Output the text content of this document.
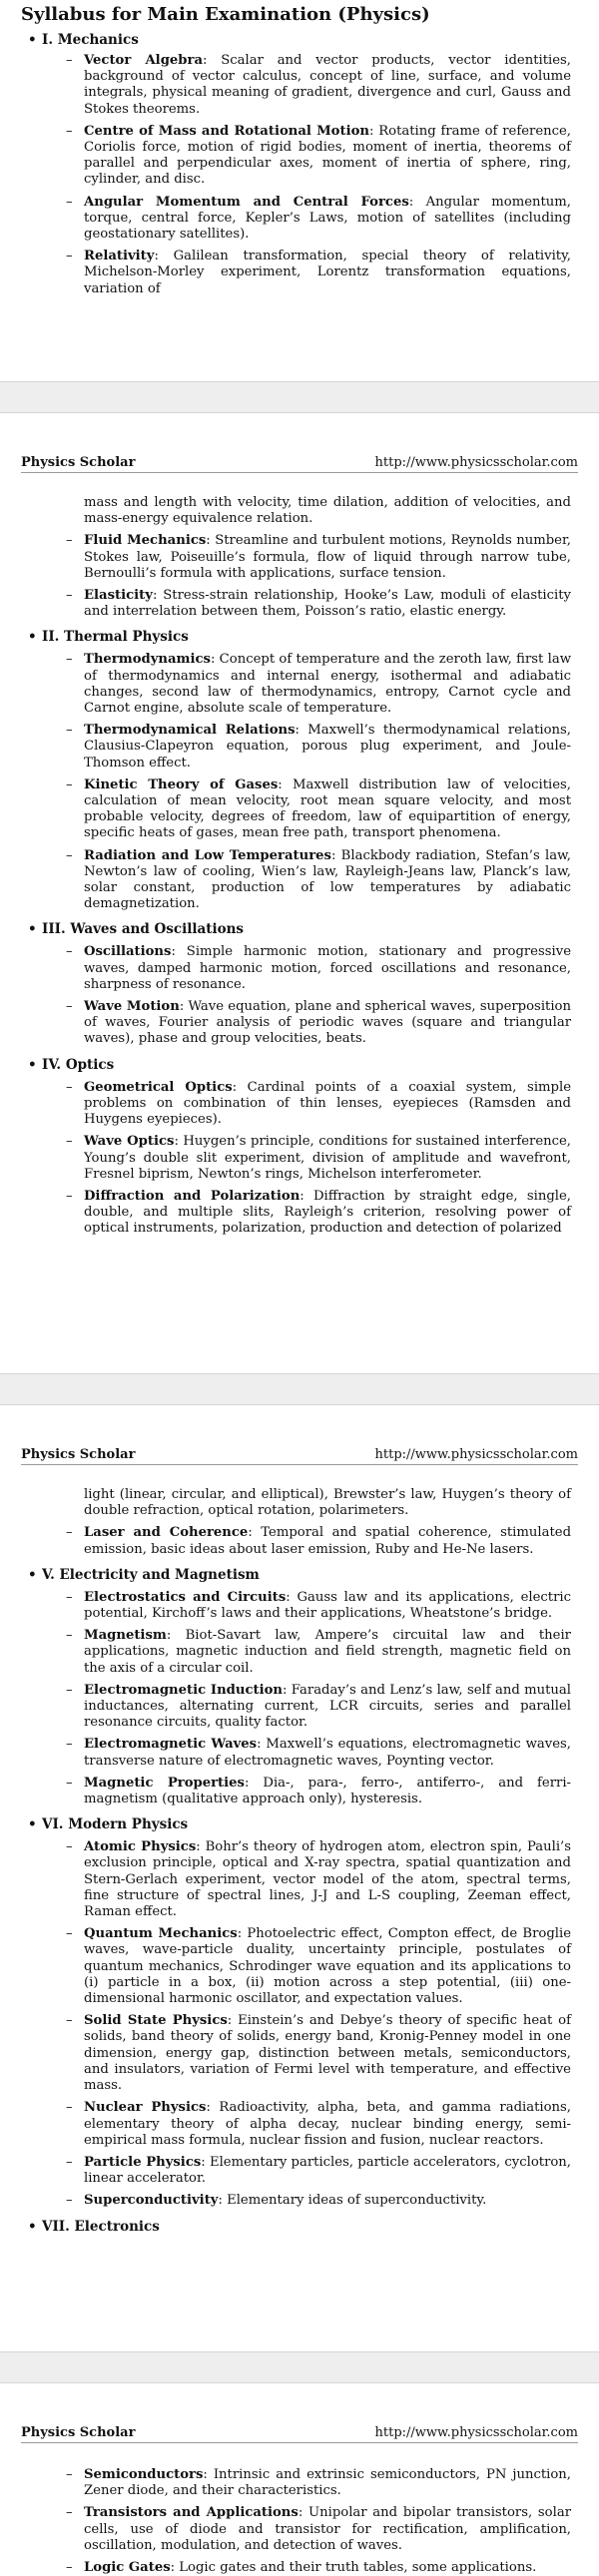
Syllabus for Main Examination (Physics)

• I. Mechanics

– Vector Algebra: Scalar and vector products, vector identities, background of vector calculus, concept of line, surface, and volume integrals, physical meaning of gradient, divergence and curl, Gauss and Stokes theorems.

– Centre of Mass and Rotational Motion: Rotating frame of reference, Coriolis force, motion of rigid bodies, moment of inertia, theorems of parallel and perpendicular axes, moment of inertia of sphere, ring, cylinder, and disc.

– Angular Momentum and Central Forces: Angular momentum, torque, central force, Kepler’s Laws, motion of satellites (including geostationary satellites).

– Relativity: Galilean transformation, special theory of relativity, Michelson-Morley experiment, Lorentz transformation equations, variation of

Physics Scholar	http://www.physicsscholar.com

mass and length with velocity, time dilation, addition of velocities, and mass-energy equivalence relation.

– Fluid Mechanics: Streamline and turbulent motions, Reynolds number, Stokes law, Poiseuille’s formula, flow of liquid through narrow tube, Bernoulli’s formula with applications, surface tension.

– Elasticity: Stress-strain relationship, Hooke’s Law, moduli of elasticity and interrelation between them, Poisson’s ratio, elastic energy.

• II. Thermal Physics

– Thermodynamics: Concept of temperature and the zeroth law, first law of thermodynamics and internal energy, isothermal and adiabatic changes, second law of thermodynamics, entropy, Carnot cycle and Carnot engine, absolute scale of temperature.

– Thermodynamical Relations: Maxwell’s thermodynamical relations, Clausius-Clapeyron equation, porous plug experiment, and Joule-Thomson effect.

– Kinetic Theory of Gases: Maxwell distribution law of velocities, calculation of mean velocity, root mean square velocity, and most probable velocity, degrees of freedom, law of equipartition of energy, specific heats of gases, mean free path, transport phenomena.

– Radiation and Low Temperatures: Blackbody radiation, Stefan’s law, Newton’s law of cooling, Wien’s law, Rayleigh-Jeans law, Planck’s law, solar constant, production of low temperatures by adiabatic demagnetization.

• III. Waves and Oscillations

– Oscillations: Simple harmonic motion, stationary and progressive waves, damped harmonic motion, forced oscillations and resonance, sharpness of resonance.

– Wave Motion: Wave equation, plane and spherical waves, superposition of waves, Fourier analysis of periodic waves (square and triangular waves), phase and group velocities, beats.

• IV. Optics

– Geometrical Optics: Cardinal points of a coaxial system, simple problems on combination of thin lenses, eyepieces (Ramsden and Huygens eyepieces).

– Wave Optics: Huygen’s principle, conditions for sustained interference, Young’s double slit experiment, division of amplitude and wavefront, Fresnel biprism, Newton’s rings, Michelson interferometer.

– Diffraction and Polarization: Diffraction by straight edge, single, double, and multiple slits, Rayleigh’s criterion, resolving power of optical instruments, polarization, production and detection of polarized

Physics Scholar	http://www.physicsscholar.com

light (linear, circular, and elliptical), Brewster’s law, Huygen’s theory of double refraction, optical rotation, polarimeters.

– Laser and Coherence: Temporal and spatial coherence, stimulated emission, basic ideas about laser emission, Ruby and He-Ne lasers.

• V. Electricity and Magnetism

– Electrostatics and Circuits: Gauss law and its applications, electric potential, Kirchoff’s laws and their applications, Wheatstone’s bridge.

– Magnetism: Biot-Savart law, Ampere’s circuital law and their applications, magnetic induction and field strength, magnetic field on the axis of a circular coil.

– Electromagnetic Induction: Faraday’s and Lenz’s law, self and mutual inductances, alternating current, LCR circuits, series and parallel resonance circuits, quality factor.

– Electromagnetic Waves: Maxwell’s equations, electromagnetic waves, transverse nature of electromagnetic waves, Poynting vector.

– Magnetic Properties: Dia-, para-, ferro-, antiferro-, and ferri-magnetism (qualitative approach only), hysteresis.

• VI. Modern Physics

– Atomic Physics: Bohr’s theory of hydrogen atom, electron spin, Pauli’s exclusion principle, optical and X-ray spectra, spatial quantization and Stern-Gerlach experiment, vector model of the atom, spectral terms, fine structure of spectral lines, J-J and L-S coupling, Zeeman effect, Raman effect.

– Quantum Mechanics: Photoelectric effect, Compton effect, de Broglie waves, wave-particle duality, uncertainty principle, postulates of quantum mechanics, Schrodinger wave equation and its applications to (i) particle in a box, (ii) motion across a step potential, (iii) one-dimensional harmonic oscillator, and expectation values.

– Solid State Physics: Einstein’s and Debye’s theory of specific heat of solids, band theory of solids, energy band, Kronig-Penney model in one dimension, energy gap, distinction between metals, semiconductors, and insulators, variation of Fermi level with temperature, and effective mass.

– Nuclear Physics: Radioactivity, alpha, beta, and gamma radiations, elementary theory of alpha decay, nuclear binding energy, semi-empirical mass formula, nuclear fission and fusion, nuclear reactors.

– Particle Physics: Elementary particles, particle accelerators, cyclotron, linear accelerator.

– Superconductivity: Elementary ideas of superconductivity.

• VII. Electronics

Physics Scholar	http://www.physicsscholar.com

– Semiconductors: Intrinsic and extrinsic semiconductors, PN junction, Zener diode, and their characteristics.

– Transistors and Applications: Unipolar and bipolar transistors, solar cells, use of diode and transistor for rectification, amplification, oscillation, modulation, and detection of waves.

– Logic Gates: Logic gates and their truth tables, some applications.
